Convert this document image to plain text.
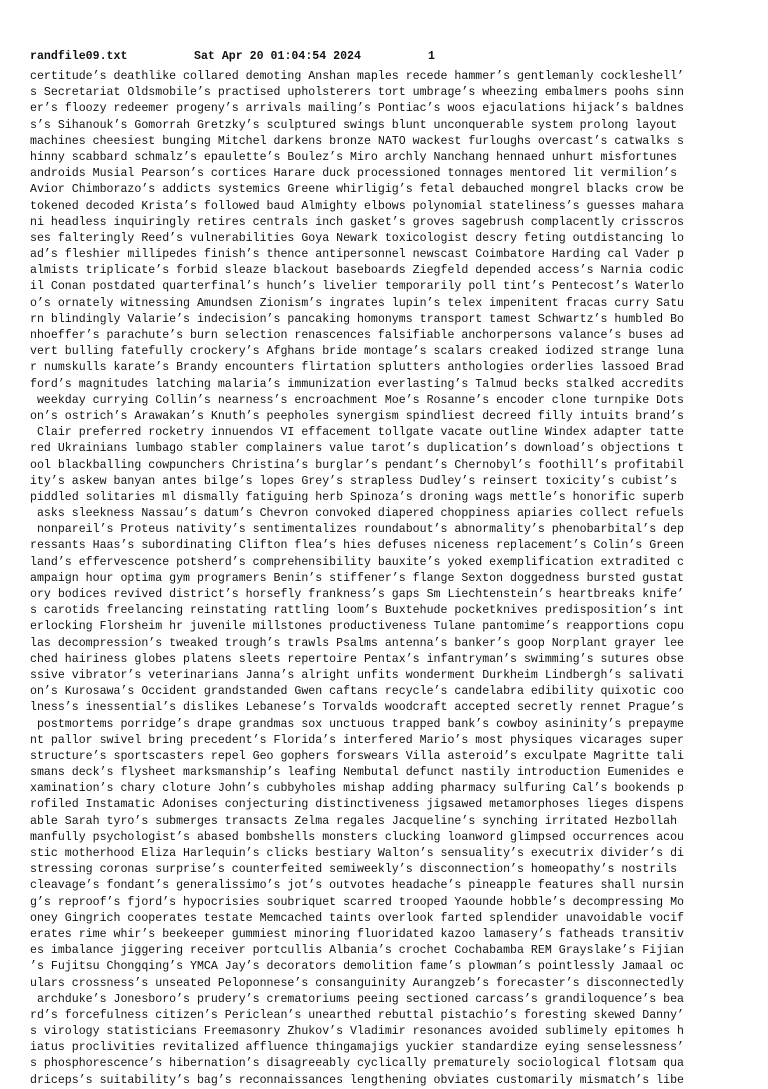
randfile09.txt	Sat Apr 20 01:04:54 2024	1
certitude’s deathlike collared demoting Anshan maples recede hammer’s gentlemanly cockleshell’
s Secretariat Oldsmobile’s practised upholsterers tort umbrage’s wheezing embalmers poohs sinn
er’s floozy redeemer progeny’s arrivals mailing’s Pontiac’s woos ejaculations hijack’s baldnes
s’s Sihanouk’s Gomorrah Gretzky’s sculptured swings blunt unconquerable system prolong layout
machines cheesiest bunging Mitchel darkens bronze NATO wackest furloughs overcast’s catwalks s
hinny scabbard schmalz’s epaulette’s Boulez’s Miro archly Nanchang hennaed unhurt misfortunes
androids Musial Pearson’s cortices Harare duck processioned tonnages mentored lit vermilion’s
Avior Chimborazo’s addicts systemics Greene whirligig’s fetal debauched mongrel blacks crow be
tokened decoded Krista’s followed baud Almighty elbows polynomial stateliness’s guesses mahara
ni headless inquiringly retires centrals inch gasket’s groves sagebrush complacently crisscros
ses falteringly Reed’s vulnerabilities Goya Newark toxicologist descry feting outdistancing lo
ad’s fleshier millipedes finish’s thence antipersonnel newscast Coimbatore Harding cal Vader p
almists triplicate’s forbid sleaze blackout baseboards Ziegfeld depended access’s Narnia codic
il Conan postdated quarterfinal’s hunch’s livelier temporarily poll tint’s Pentecost’s Waterlo
o’s ornately witnessing Amundsen Zionism’s ingrates lupin’s telex impenitent fracas curry Satu
rn blindingly Valarie’s indecision’s pancaking homonyms transport tamest Schwartz’s humbled Bo
nhoeffer’s parachute’s burn selection renascences falsifiable anchorpersons valance’s buses ad
vert bulling fatefully crockery’s Afghans bride montage’s scalars creaked iodized strange luna
r numskulls karate’s Brandy encounters flirtation splutters anthologies orderlies lassoed Brad
ford’s magnitudes latching malaria’s immunization everlasting’s Talmud becks stalked accredits
weekday currying Collin’s nearness’s encroachment Moe’s Rosanne’s encoder clone turnpike Dots
on’s ostrich’s Arawakan’s Knuth’s peepholes synergism spindliest decreed filly intuits brand’s
Clair preferred rocketry innuendos VI effacement tollgate vacate outline Windex adapter tatte
red Ukrainians lumbago stabler complainers value tarot’s duplication’s download’s objections t
ool blackballing cowpunchers Christina’s burglar’s pendant’s Chernobyl’s foothill’s profitabil
ity’s askew banyan antes bilge’s lopes Grey’s strapless Dudley’s reinsert toxicity’s cubist’s
piddled solitaries ml dismally fatiguing herb Spinoza’s droning wags mettle’s honorific superb
asks sleekness Nassau’s datum’s Chevron convoked diapered choppiness apiaries collect refuels
nonpareil’s Proteus nativity’s sentimentalizes roundabout’s abnormality’s phenobarbital’s dep
ressants Haas’s subordinating Clifton flea’s hies defuses niceness replacement’s Colin’s Green
land’s effervescence potsherd’s comprehensibility bauxite’s yoked exemplification extradited c
ampaign hour optima gym programers Benin’s stiffener’s flange Sexton doggedness bursted gustat
ory bodices revived district’s horsefly frankness’s gaps Sm Liechtenstein’s heartbreaks knife’
s carotids freelancing reinstating rattling loom’s Buxtehude pocketknives predisposition’s int
erlocking Florsheim hr juvenile millstones productiveness Tulane pantomime’s reapportions copu
las decompression’s tweaked trough’s trawls Psalms antenna’s banker’s goop Norplant grayer lee
ched hairiness globes platens sleets repertoire Pentax’s infantryman’s swimming’s sutures obse
ssive vibrator’s veterinarians Janna’s alright unfits wonderment Durkheim Lindbergh’s salivati
on’s Kurosawa’s Occident grandstanded Gwen caftans recycle’s candelabra edibility quixotic coo
lness’s inessential’s dislikes Lebanese’s Torvalds woodcraft accepted secretly rennet Prague’s
postmortems porridge’s drape grandmas sox unctuous trapped bank’s cowboy asininity’s prepayme
nt pallor swivel bring precedent’s Florida’s interfered Mario’s most physiques vicarages super
structure’s sportscasters repel Geo gophers forswears Villa asteroid’s exculpate Magritte tali
smans deck’s flysheet marksmanship’s leafing Nembutal defunct nastily introduction Eumenides e
xamination’s chary cloture John’s cubbyholes mishap adding pharmacy sulfuring Cal’s bookends p
rofiled Instamatic Adonises conjecturing distinctiveness jigsawed metamorphoses lieges dispens
able Sarah tyro’s submerges transacts Zelma regales Jacqueline’s synching irritated Hezbollah
manfully psychologist’s abased bombshells monsters clucking loanword glimpsed occurrences acou
stic motherhood Eliza Harlequin’s clicks bestiary Walton’s sensuality’s executrix divider’s di
stressing coronas surprise’s counterfeited semiweekly’s disconnection’s homeopathy’s nostrils
cleavage’s fondant’s generalissimo’s jot’s outvotes headache’s pineapple features shall nursin
g’s reproof’s fjord’s hypocrisies soubriquet scarred trooped Yaounde hobble’s decompressing Mo
oney Gingrich cooperates testate Memcached taints overlook farted splendider unavoidable vocif
erates rime whir’s beekeeper gummiest minoring fluoridated kazoo lamasery’s fatheads transitiv
es imbalance jiggering receiver portcullis Albania’s crochet Cochabamba REM Grayslake’s Fijian
’s Fujitsu Chongqing’s YMCA Jay’s decorators demolition fame’s plowman’s pointlessly Jamaal oc
ulars crossness’s unseated Peloponnese’s consanguinity Aurangzeb’s forecaster’s disconnectedly
archduke’s Jonesboro’s prudery’s crematoriums peeing sectioned carcass’s grandiloquence’s bea
rd’s forcefulness citizen’s Periclean’s unearthed rebuttal pistachio’s foresting skewed Danny’
s virology statisticians Freemasonry Zhukov’s Vladimir resonances avoided sublimely epitomes h
iatus proclivities revitalized affluence thingamajigs yuckier standardize eying senselessness’
s phosphorescence’s hibernation’s disagreeably cyclically prematurely sociological flotsam qua
driceps’s suitability’s bag’s reconnaissances lengthening obviates customarily mismatch’s libe
